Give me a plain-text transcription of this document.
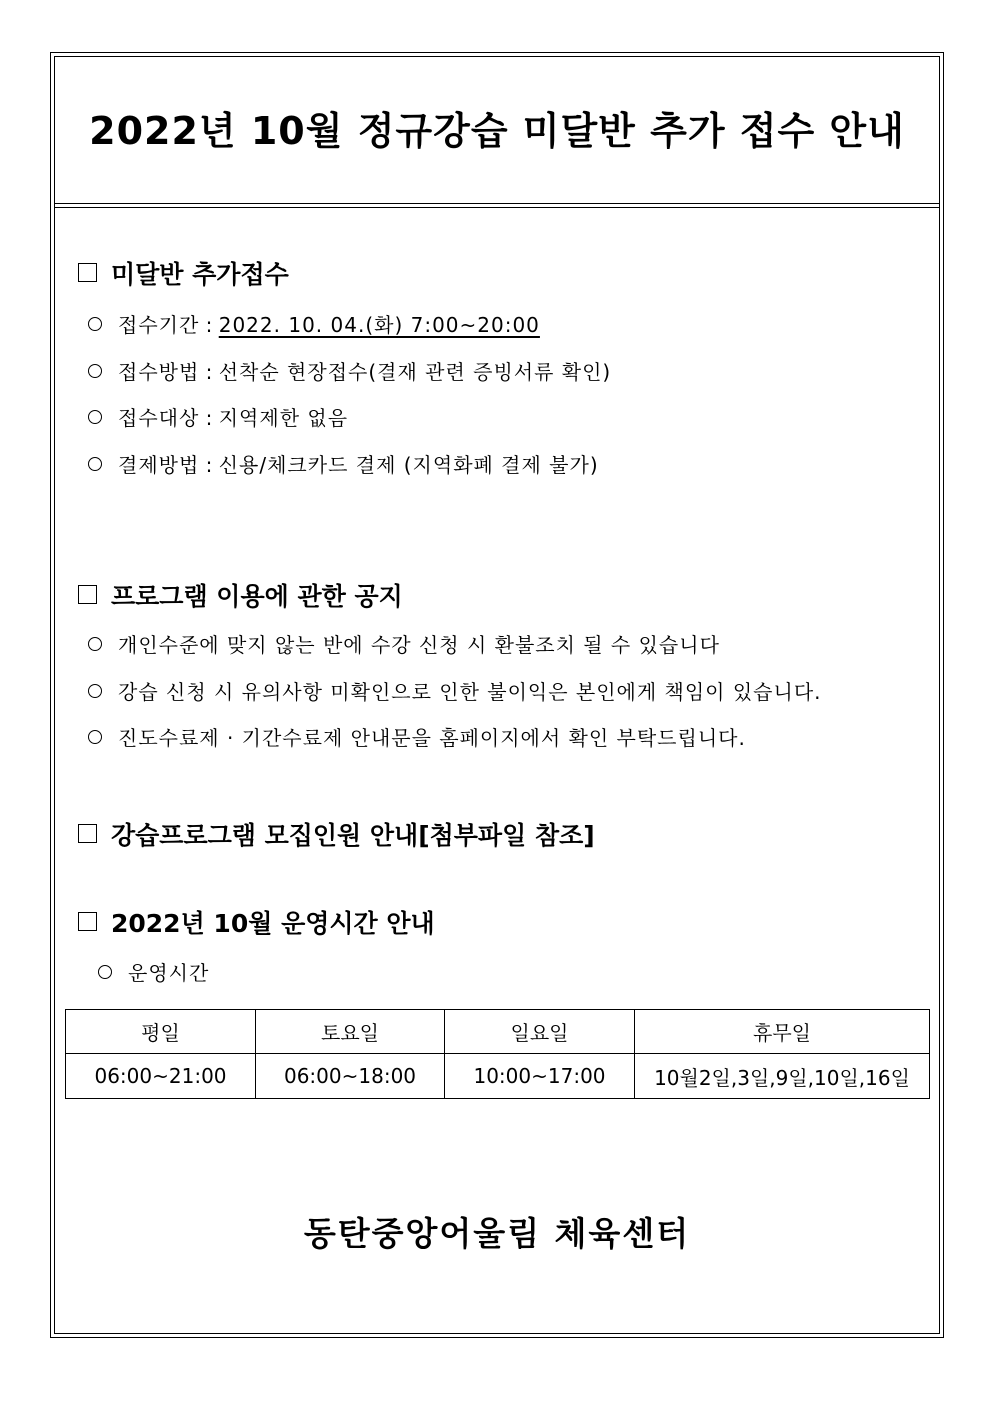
2022년 10월 정규강습 미달반 추가 접수 안내
미달반 추가접수
접수기간 : 2022. 10. 04.(화) 7:00~20:00
접수방법 : 선착순 현장접수(결재 관련 증빙서류 확인)
접수대상 : 지역제한 없음
결제방법 : 신용/체크카드 결제 (지역화폐 결제 불가)
프로그램 이용에 관한 공지
개인수준에 맞지 않는 반에 수강 신청 시 환불조치 될 수 있습니다
강습 신청 시 유의사항 미확인으로 인한 불이익은 본인에게 책임이 있습니다.
진도수료제 · 기간수료제 안내문을 홈페이지에서 확인 부탁드립니다.
강습프로그램 모집인원 안내[첨부파일 참조]
2022년 10월 운영시간 안내
운영시간
평일	토요일	일요일	휴무일
06:00~21:00	06:00~18:00	10:00~17:00	10월2일,3일,9일,10일,16일

동탄중앙어울림 체육센터
